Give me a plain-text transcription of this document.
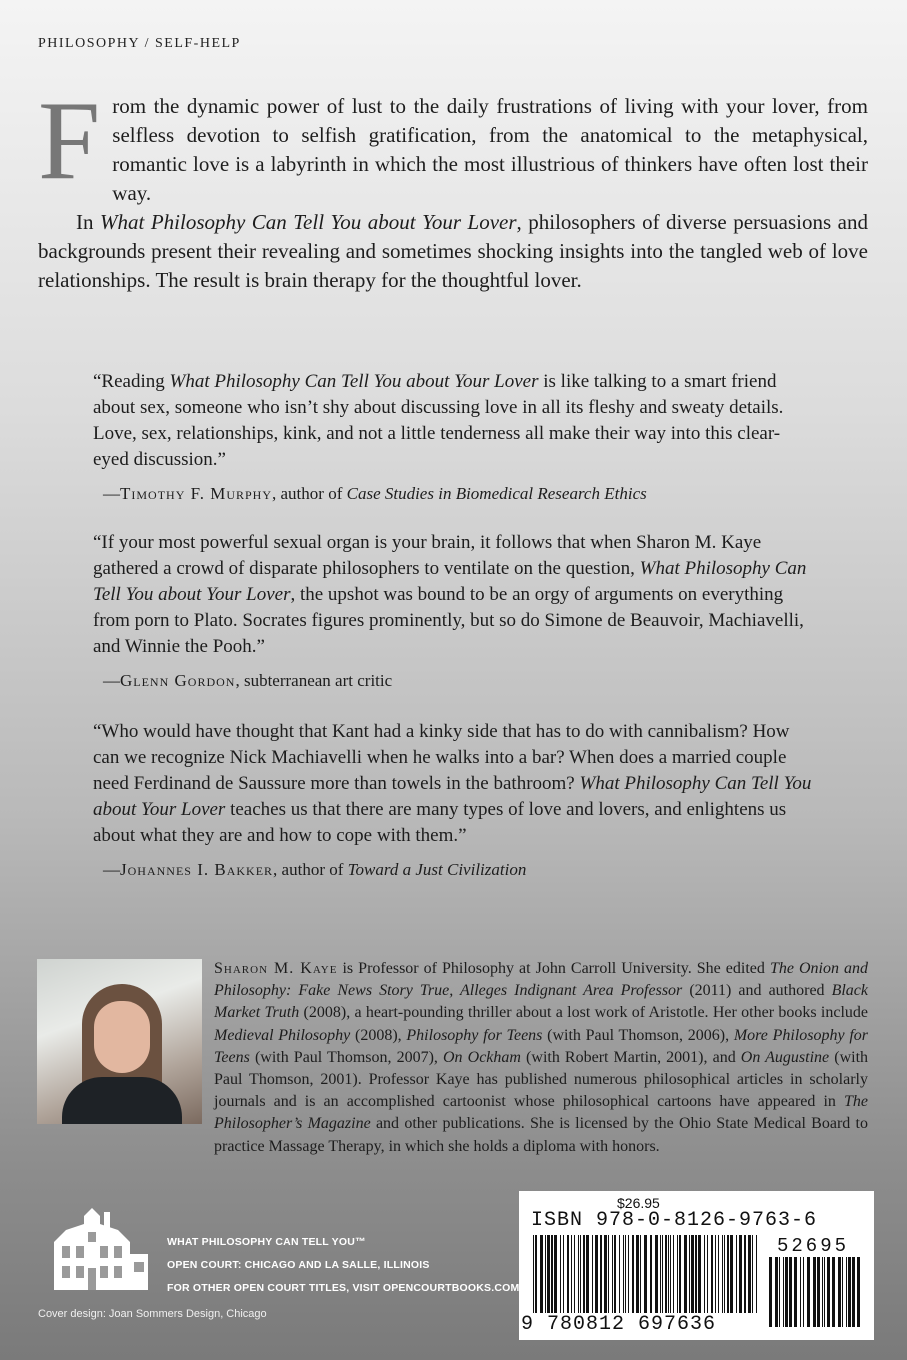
PHILOSOPHY / SELF-HELP

From the dynamic power of lust to the daily frustrations of living with your lover, from selfless devotion to selfish gratification, from the anatomical to the metaphysical, romantic love is a labyrinth in which the most illustrious of thinkers have often lost their way.

In What Philosophy Can Tell You about Your Lover, philosophers of diverse persuasions and backgrounds present their revealing and sometimes shocking insights into the tangled web of love relationships. The result is brain therapy for the thoughtful lover.

“Reading What Philosophy Can Tell You about Your Lover is like talking to a smart friend about sex, someone who isn’t shy about discussing love in all its fleshy and sweaty details. Love, sex, relationships, kink, and not a little tenderness all make their way into this clear-eyed discussion.”

—Timothy F. Murphy, author of Case Studies in Biomedical Research Ethics

“If your most powerful sexual organ is your brain, it follows that when Sharon M. Kaye gathered a crowd of disparate philosophers to ventilate on the question, What Philosophy Can Tell You about Your Lover, the upshot was bound to be an orgy of arguments on everything from porn to Plato. Socrates figures prominently, but so do Simone de Beauvoir, Machiavelli, and Winnie the Pooh.”

—Glenn Gordon, subterranean art critic

“Who would have thought that Kant had a kinky side that has to do with cannibalism? How can we recognize Nick Machiavelli when he walks into a bar? When does a married couple need Ferdinand de Saussure more than towels in the bathroom? What Philosophy Can Tell You about Your Lover teaches us that there are many types of love and lovers, and enlightens us about what they are and how to cope with them.”

—Johannes I. Bakker, author of Toward a Just Civilization

Sharon M. Kaye is Professor of Philosophy at John Carroll University. She edited The Onion and Philosophy: Fake News Story True, Alleges Indignant Area Professor (2011) and authored Black Market Truth (2008), a heart-pounding thriller about a lost work of Aristotle. Her other books include Medieval Philosophy (2008), Philosophy for Teens (with Paul Thomson, 2006), More Philosophy for Teens (with Paul Thomson, 2007), On Ockham (with Robert Martin, 2001), and On Augustine (with Paul Thomson, 2001). Professor Kaye has published numerous philosophical articles in scholarly journals and is an accomplished cartoonist whose philosophical cartoons have appeared in The Philosopher’s Magazine and other publications. She is licensed by the Ohio State Medical Board to practice Massage Therapy, in which she holds a diploma with honors.

WHAT PHILOSOPHY CAN TELL YOU™
OPEN COURT: CHICAGO AND LA SALLE, ILLINOIS
FOR OTHER OPEN COURT TITLES, VISIT OPENCOURTBOOKS.COM
Cover design: Joan Sommers Design, Chicago
$26.95
ISBN 978-0-8126-9763-6
52695
9 780812 697636
